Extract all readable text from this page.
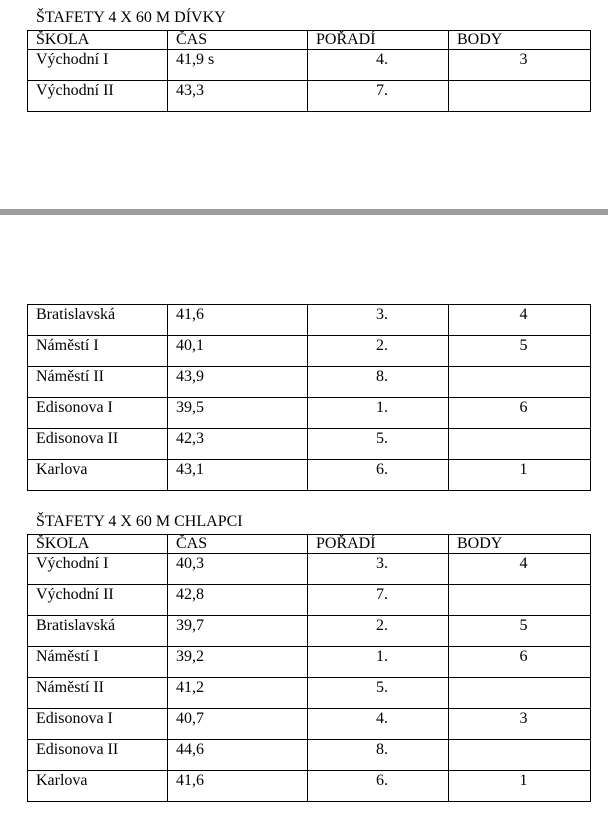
ŠTAFETY 4 X 60 M DÍVKY
ŠKOLA	ČAS	POŘADÍ	BODY
Východní I	41,9 s	4.	3
Východní II	43,3	7.	
Bratislavská	41,6	3.	4
Náměstí I	40,1	2.	5
Náměstí II	43,9	8.	
Edisonova I	39,5	1.	6
Edisonova II	42,3	5.	
Karlova	43,1	6.	1
ŠTAFETY 4 X 60 M CHLAPCI
ŠKOLA	ČAS	POŘADÍ	BODY
Východní I	40,3	3.	4
Východní II	42,8	7.	
Bratislavská	39,7	2.	5
Náměstí I	39,2	1.	6
Náměstí II	41,2	5.	
Edisonova I	40,7	4.	3
Edisonova II	44,6	8.	
Karlova	41,6	6.	1
